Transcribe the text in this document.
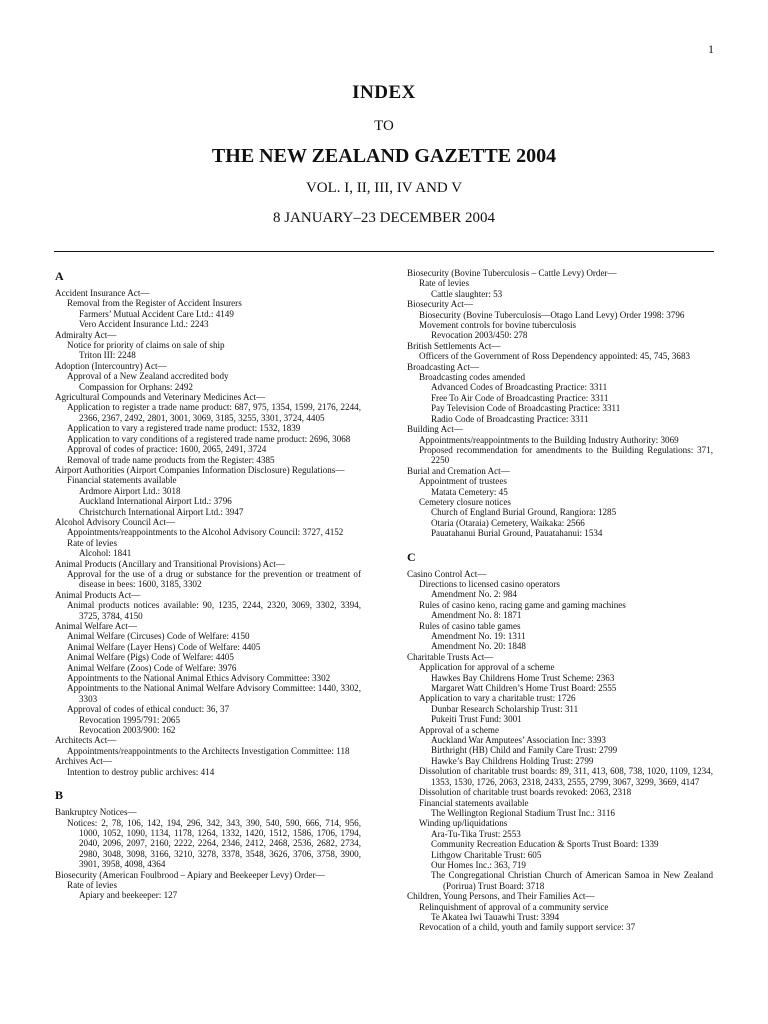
1
INDEX
TO
THE NEW ZEALAND GAZETTE 2004
VOL. I, II, III, IV AND V
8 JANUARY–23 DECEMBER 2004
A
Accident Insurance Act—
Removal from the Register of Accident Insurers
Farmers’ Mutual Accident Care Ltd.: 4149
Vero Accident Insurance Ltd.: 2243
Admiralty Act—
Notice for priority of claims on sale of ship
Triton III: 2248
Adoption (Intercountry) Act—
Approval of a New Zealand accredited body
Compassion for Orphans: 2492
Agricultural Compounds and Veterinary Medicines Act—
Application to register a trade name product: 687, 975, 1354, 1599, 2176, 2244, 2366, 2367, 2492, 2801, 3001, 3069, 3185, 3255, 3301, 3724, 4405
Application to vary a registered trade name product: 1532, 1839
Application to vary conditions of a registered trade name product: 2696, 3068
Approval of codes of practice: 1600, 2065, 2491, 3724
Removal of trade name products from the Register: 4385
Airport Authorities (Airport Companies Information Disclosure) Regulations—
Financial statements available
Ardmore Airport Ltd.: 3018
Auckland International Airport Ltd.: 3796
Christchurch International Airport Ltd.: 3947
Alcohol Advisory Council Act—
Appointments/reappointments to the Alcohol Advisory Council: 3727, 4152
Rate of levies
Alcohol: 1841
Animal Products (Ancillary and Transitional Provisions) Act—
Approval for the use of a drug or substance for the prevention or treatment of disease in bees: 1600, 3185, 3302
Animal Products Act—
Animal products notices available: 90, 1235, 2244, 2320, 3069, 3302, 3394, 3725, 3784, 4150
Animal Welfare Act—
Animal Welfare (Circuses) Code of Welfare: 4150
Animal Welfare (Layer Hens) Code of Welfare: 4405
Animal Welfare (Pigs) Code of Welfare: 4405
Animal Welfare (Zoos) Code of Welfare: 3976
Appointments to the National Animal Ethics Advisory Committee: 3302
Appointments to the National Animal Welfare Advisory Committee: 1440, 3302, 3303
Approval of codes of ethical conduct: 36, 37
Revocation 1995/791: 2065
Revocation 2003/900: 162
Architects Act—
Appointments/reappointments to the Architects Investigation Committee: 118
Archives Act—
Intention to destroy public archives: 414
B
Bankruptcy Notices—
Notices: 2, 78, 106, 142, 194, 296, 342, 343, 390, 540, 590, 666, 714, 956, 1000, 1052, 1090, 1134, 1178, 1264, 1332, 1420, 1512, 1586, 1706, 1794, 2040, 2096, 2097, 2160, 2222, 2264, 2346, 2412, 2468, 2536, 2682, 2734, 2980, 3048, 3098, 3166, 3210, 3278, 3378, 3548, 3626, 3706, 3758, 3900, 3901, 3958, 4098, 4364
Biosecurity (American Foulbrood – Apiary and Beekeeper Levy) Order—
Rate of levies
Apiary and beekeeper: 127
Biosecurity (Bovine Tuberculosis – Cattle Levy) Order—
Rate of levies
Cattle slaughter: 53
Biosecurity Act—
Biosecurity (Bovine Tuberculosis—Otago Land Levy) Order 1998: 3796
Movement controls for bovine tuberculosis
Revocation 2003/450: 278
British Settlements Act—
Officers of the Government of Ross Dependency appointed: 45, 745, 3683
Broadcasting Act—
Broadcasting codes amended
Advanced Codes of Broadcasting Practice: 3311
Free To Air Code of Broadcasting Practice: 3311
Pay Television Code of Broadcasting Practice: 3311
Radio Code of Broadcasting Practice: 3311
Building Act—
Appointments/reappointments to the Building Industry Authority: 3069
Proposed recommendation for amendments to the Building Regulations: 371, 2250
Burial and Cremation Act—
Appointment of trustees
Matata Cemetery: 45
Cemetery closure notices
Church of England Burial Ground, Rangiora: 1285
Otaria (Otaraia) Cemetery, Waikaka: 2566
Pauatahanui Burial Ground, Pauatahanui: 1534
C
Casino Control Act—
Directions to licensed casino operators
Amendment No. 2: 984
Rules of casino keno, racing game and gaming machines
Amendment No. 8: 1871
Rules of casino table games
Amendment No. 19: 1311
Amendment No. 20: 1848
Charitable Trusts Act—
Application for approval of a scheme
Hawkes Bay Childrens Home Trust Scheme: 2363
Margaret Watt Children’s Home Trust Board: 2555
Application to vary a charitable trust: 1726
Dunbar Research Scholarship Trust: 311
Pukeiti Trust Fund: 3001
Approval of a scheme
Auckland War Amputees’ Association Inc: 3393
Birthright (HB) Child and Family Care Trust: 2799
Hawke’s Bay Childrens Holding Trust: 2799
Dissolution of charitable trust boards: 89, 311, 413, 608, 738, 1020, 1109, 1234, 1353, 1530, 1726, 2063, 2318, 2433, 2555, 2799, 3067, 3299, 3669, 4147
Dissolution of charitable trust boards revoked: 2063, 2318
Financial statements available
The Wellington Regional Stadium Trust Inc.: 3116
Winding up/liquidations
Ara-Tu-Tika Trust: 2553
Community Recreation Education & Sports Trust Board: 1339
Lithgow Charitable Trust: 605
Our Homes Inc.: 363, 719
The Congregational Christian Church of American Samoa in New Zealand (Porirua) Trust Board: 3718
Children, Young Persons, and Their Families Act—
Relinquishment of approval of a community service
Te Akatea Iwi Tauawhi Trust: 3394
Revocation of a child, youth and family support service: 37
